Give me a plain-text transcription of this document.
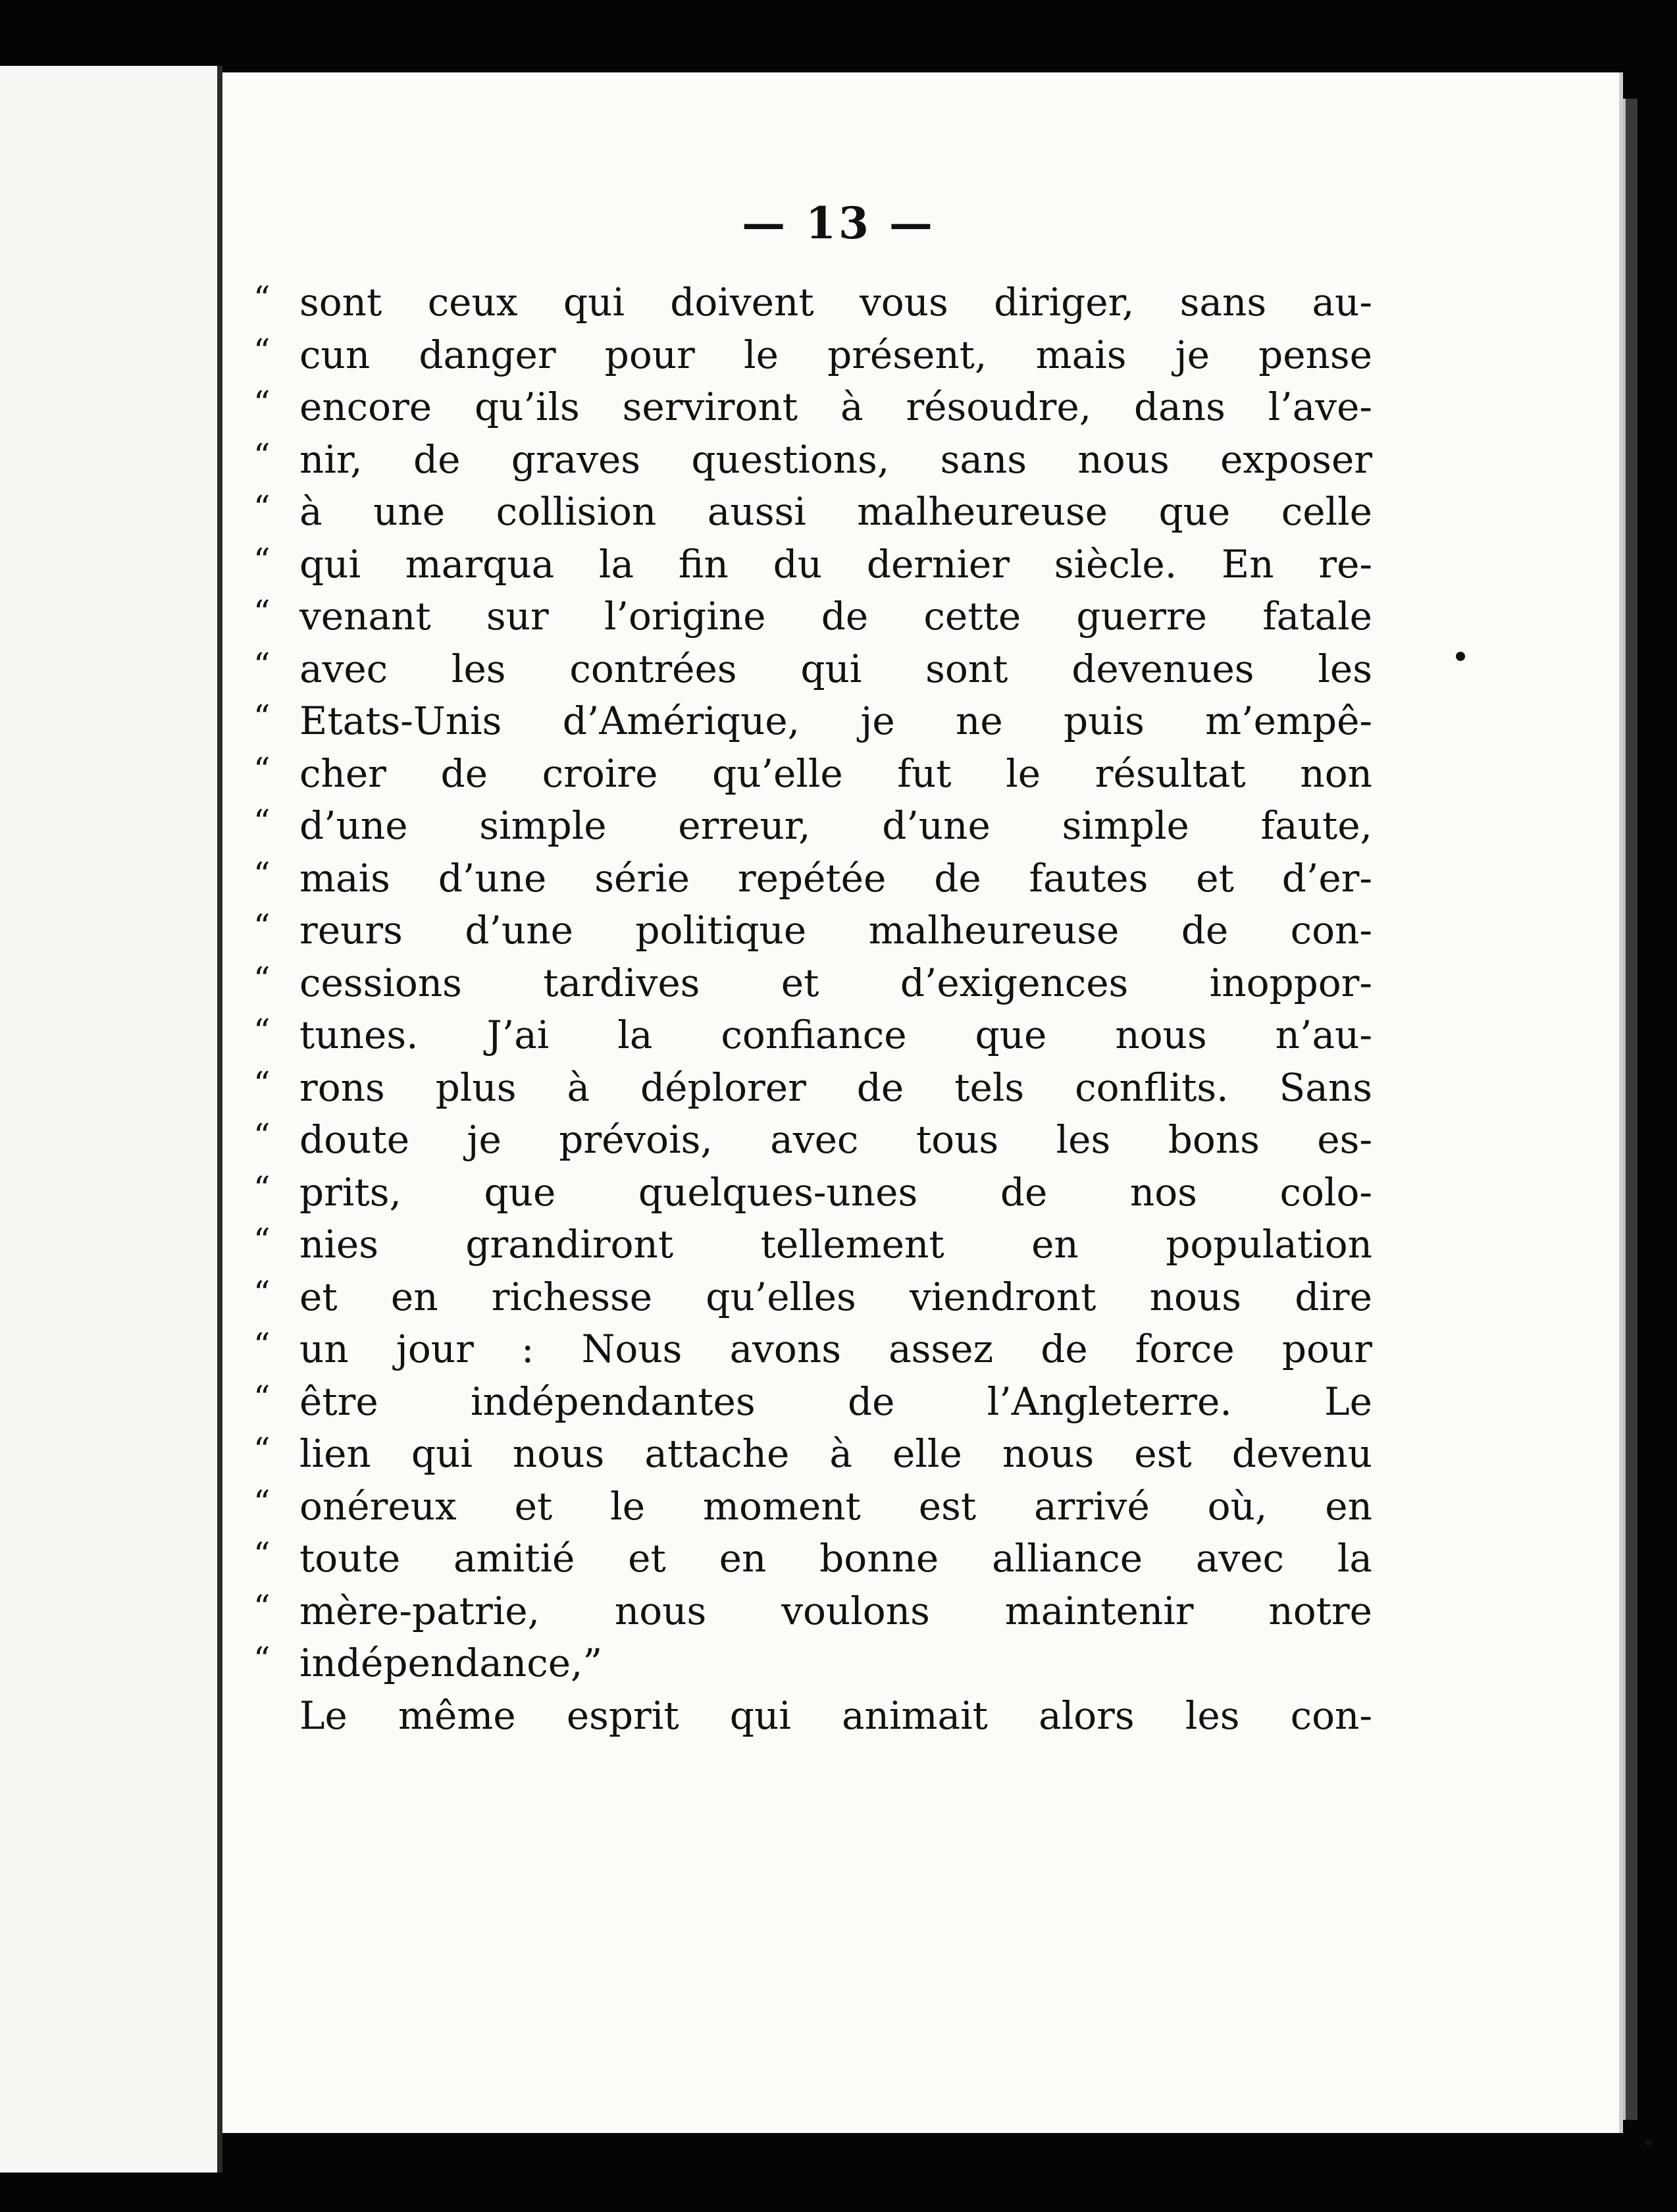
— 13 —
“ sont ceux qui doivent vous diriger, sans au-
“ cun danger pour le présent, mais je pense
“ encore qu’ils serviront à résoudre, dans l’ave-
“ nir, de graves questions, sans nous exposer
“ à une collision aussi malheureuse que celle
“ qui marqua la fin du dernier siècle. En re-
“ venant sur l’origine de cette guerre fatale
“ avec les contrées qui sont devenues les
“ Etats-Unis d’Amérique, je ne puis m’empê-
“ cher de croire qu’elle fut le résultat non
“ d’une simple erreur, d’une simple faute,
“ mais d’une série repétée de fautes et d’er-
“ reurs d’une politique malheureuse de con-
“ cessions tardives et d’exigences inoppor-
“ tunes. J’ai la confiance que nous n’au-
“ rons plus à déplorer de tels conflits. Sans
“ doute je prévois, avec tous les bons es-
“ prits, que quelques-unes de nos colo-
“ nies grandiront tellement en population
“ et en richesse qu’elles viendront nous dire
“ un jour : Nous avons assez de force pour
“ être indépendantes de l’Angleterre. Le
“ lien qui nous attache à elle nous est devenu
“ onéreux et le moment est arrivé où, en
“ toute amitié et en bonne alliance avec la
“ mère-patrie, nous voulons maintenir notre
“ indépendance,”
Le même esprit qui animait alors les con-
